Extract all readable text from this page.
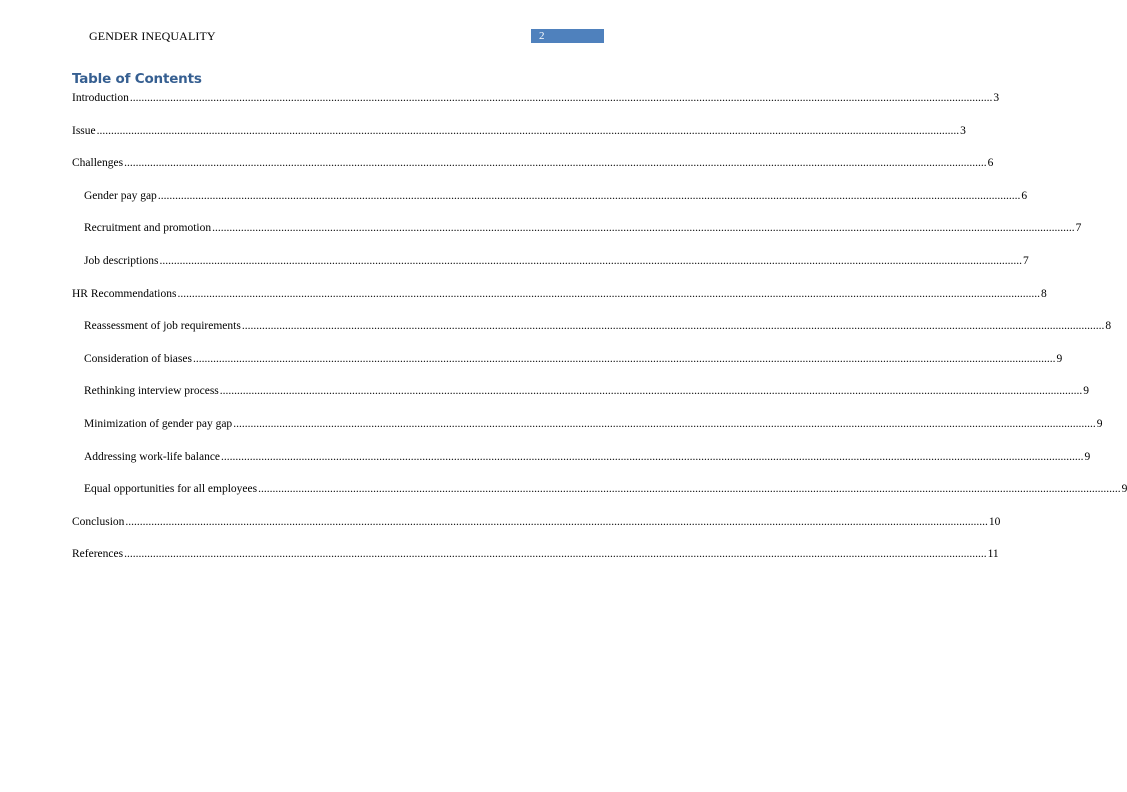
GENDER INEQUALITY	2
Table of Contents
Introduction ............................................................................................................................................................................................................................................................................................................ 3
Issue ............................................................................................................................................................................................................................................................................................................ 3
Challenges ............................................................................................................................................................................................................................................................................................................ 6
Gender pay gap ............................................................................................................................................................................................................................................................................................................ 6
Recruitment and promotion ............................................................................................................................................................................................................................................................................................................ 7
Job descriptions ............................................................................................................................................................................................................................................................................................................ 7
HR Recommendations ............................................................................................................................................................................................................................................................................................................ 8
Reassessment of job requirements ............................................................................................................................................................................................................................................................................................................ 8
Consideration of biases ............................................................................................................................................................................................................................................................................................................ 9
Rethinking interview process ............................................................................................................................................................................................................................................................................................................ 9
Minimization of gender pay gap ............................................................................................................................................................................................................................................................................................................ 9
Addressing work-life balance ............................................................................................................................................................................................................................................................................................................ 9
Equal opportunities for all employees ............................................................................................................................................................................................................................................................................................................ 9
Conclusion ............................................................................................................................................................................................................................................................................................................ 10
References ............................................................................................................................................................................................................................................................................................................ 11
